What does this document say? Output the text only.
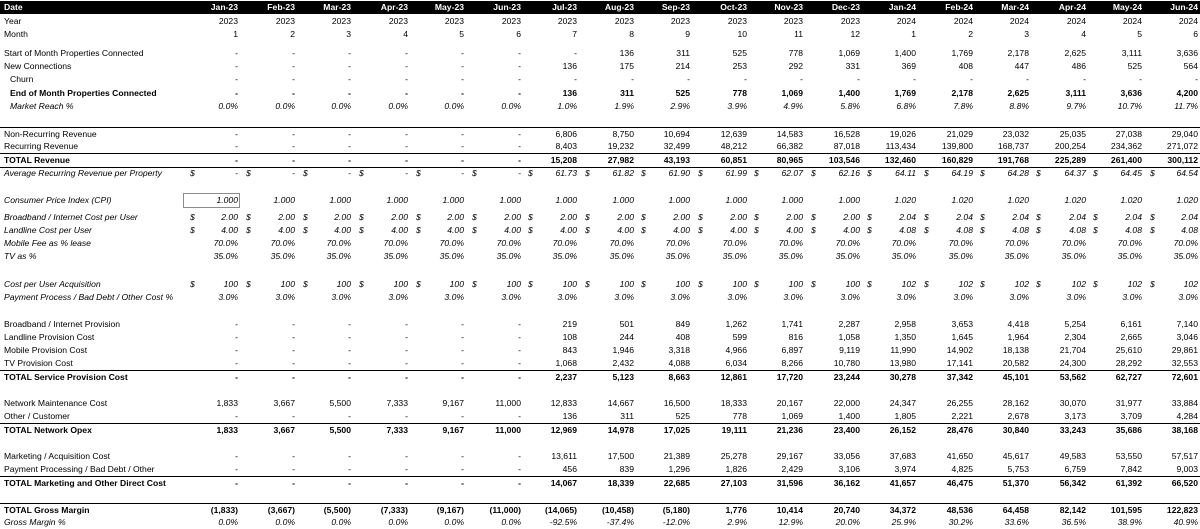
Date	Jan-23	Feb-23	Mar-23	Apr-23	May-23	Jun-23	Jul-23	Aug-23	Sep-23	Oct-23	Nov-23	Dec-23	Jan-24	Feb-24	Mar-24	Apr-24	May-24	Jun-24
Year	2023	2023	2023	2023	2023	2023	2023	2023	2023	2023	2023	2023	2024	2024	2024	2024	2024	2024
Month	1	2	3	4	5	6	7	8	9	10	11	12	1	2	3	4	5	6
Start of Month Properties Connected	-	-	-	-	-	-	-	136	311	525	778	1,069	1,400	1,769	2,178	2,625	3,111	3,636
New Connections	-	-	-	-	-	-	136	175	214	253	292	331	369	408	447	486	525	564
Churn	-	-	-	-	-	-	-	-	-	-	-	-	-	-	-	-	-	-
End of Month Properties Connected	-	-	-	-	-	-	136	311	525	778	1,069	1,400	1,769	2,178	2,625	3,111	3,636	4,200
Market Reach %	0.0%	0.0%	0.0%	0.0%	0.0%	0.0%	1.0%	1.9%	2.9%	3.9%	4.9%	5.8%	6.8%	7.8%	8.8%	9.7%	10.7%	11.7%
Non-Recurring Revenue	-	-	-	-	-	-	6,806	8,750	10,694	12,639	14,583	16,528	19,026	21,029	23,032	25,035	27,038	29,040
Recurring Revenue	-	-	-	-	-	-	8,403	19,232	32,499	48,212	66,382	87,018	113,434	139,800	168,737	200,254	234,362	271,072
TOTAL Revenue	-	-	-	-	-	-	15,208	27,982	43,193	60,851	80,965	103,546	132,460	160,829	191,768	225,289	261,400	300,112
Average Recurring Revenue per Property	$	- $	- $	- $	- $	- $	- $	61.73 $	61.82 $	61.90 $	61.99 $	62.07 $	62.16 $	64.11 $	64.19 $	64.28 $	64.37 $	64.45 $	64.54
Consumer Price Index (CPI)	1.000	1.000	1.000	1.000	1.000	1.000	1.000	1.000	1.000	1.000	1.000	1.000	1.020	1.020	1.020	1.020	1.020	1.020
Broadband / Internet Cost per User	$	2.00 $	2.00 $	2.00 $	2.00 $	2.00 $	2.00 $	2.00 $	2.00 $	2.00 $	2.00 $	2.00 $	2.00 $	2.04 $	2.04 $	2.04 $	2.04 $	2.04 $	2.04
Landline Cost per User	$	4.00 $	4.00 $	4.00 $	4.00 $	4.00 $	4.00 $	4.00 $	4.00 $	4.00 $	4.00 $	4.00 $	4.00 $	4.08 $	4.08 $	4.08 $	4.08 $	4.08 $	4.08
Mobile Fee as % lease	70.0%	70.0%	70.0%	70.0%	70.0%	70.0%	70.0%	70.0%	70.0%	70.0%	70.0%	70.0%	70.0%	70.0%	70.0%	70.0%	70.0%	70.0%
TV as %	35.0%	35.0%	35.0%	35.0%	35.0%	35.0%	35.0%	35.0%	35.0%	35.0%	35.0%	35.0%	35.0%	35.0%	35.0%	35.0%	35.0%	35.0%
Cost per User Acquisition	$	100 $	100 $	100 $	100 $	100 $	100 $	100 $	100 $	100 $	100 $	100 $	100 $	102 $	102 $	102 $	102 $	102 $	102
Payment Process / Bad Debt / Other Cost %	3.0%	3.0%	3.0%	3.0%	3.0%	3.0%	3.0%	3.0%	3.0%	3.0%	3.0%	3.0%	3.0%	3.0%	3.0%	3.0%	3.0%	3.0%
Broadband / Internet Provision	-	-	-	-	-	-	219	501	849	1,262	1,741	2,287	2,958	3,653	4,418	5,254	6,161	7,140
Landline Provision Cost	-	-	-	-	-	-	108	244	408	599	816	1,058	1,350	1,645	1,964	2,304	2,665	3,046
Mobile Provision Cost	-	-	-	-	-	-	843	1,946	3,318	4,966	6,897	9,119	11,990	14,902	18,138	21,704	25,610	29,861
TV Provision Cost	-	-	-	-	-	-	1,068	2,432	4,088	6,034	8,266	10,780	13,980	17,141	20,582	24,300	28,292	32,553
TOTAL Service Provision Cost	-	-	-	-	-	-	2,237	5,123	8,663	12,861	17,720	23,244	30,278	37,342	45,101	53,562	62,727	72,601
Network Maintenance Cost	1,833	3,667	5,500	7,333	9,167	11,000	12,833	14,667	16,500	18,333	20,167	22,000	24,347	26,255	28,162	30,070	31,977	33,884
Other / Customer	-	-	-	-	-	-	136	311	525	778	1,069	1,400	1,805	2,221	2,678	3,173	3,709	4,284
TOTAL Network Opex	1,833	3,667	5,500	7,333	9,167	11,000	12,969	14,978	17,025	19,111	21,236	23,400	26,152	28,476	30,840	33,243	35,686	38,168
Marketing / Acquisition Cost	-	-	-	-	-	-	13,611	17,500	21,389	25,278	29,167	33,056	37,683	41,650	45,617	49,583	53,550	57,517
Payment Processing / Bad Debt / Other	-	-	-	-	-	-	456	839	1,296	1,826	2,429	3,106	3,974	4,825	5,753	6,759	7,842	9,003
TOTAL Marketing and Other Direct Cost	-	-	-	-	-	-	14,067	18,339	22,685	27,103	31,596	36,162	41,657	46,475	51,370	56,342	61,392	66,520
TOTAL Gross Margin	(1,833)	(3,667)	(5,500)	(7,333)	(9,167)	(11,000)	(14,065)	(10,458)	(5,180)	1,776	10,414	20,740	34,372	48,536	64,458	82,142	101,595	122,823
Gross Margin %	0.0%	0.0%	0.0%	0.0%	0.0%	0.0%	-92.5%	-37.4%	-12.0%	2.9%	12.9%	20.0%	25.9%	30.2%	33.6%	36.5%	38.9%	40.9%
